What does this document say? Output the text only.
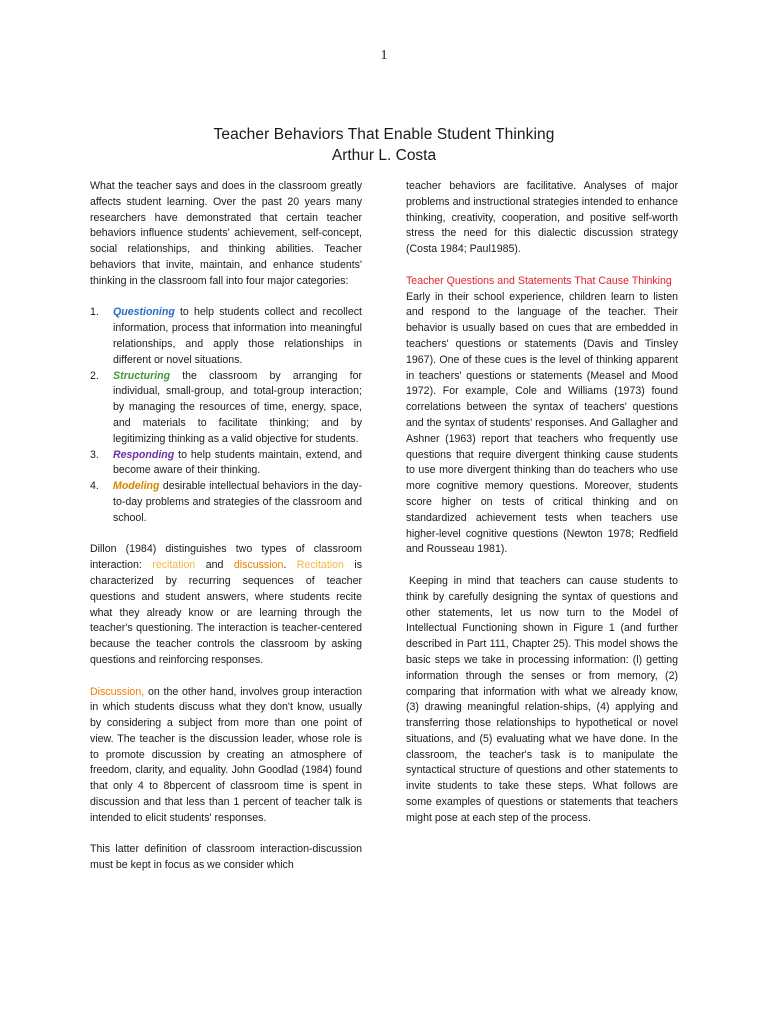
1
Teacher Behaviors That Enable Student Thinking
Arthur L. Costa

What the teacher says and does in the classroom greatly affects student learning. Over the past 20 years many researchers have demonstrated that certain teacher behaviors influence students' achievement, self-concept, social relationships, and thinking abilities. Teacher behaviors that invite, maintain, and enhance students' thinking in the classroom fall into four major categories:

1. Questioning to help students collect and recollect information, process that information into meaningful relationships, and apply those relationships in different or novel situations.
2. Structuring the classroom by arranging for individual, small-group, and total-group interaction; by managing the resources of time, energy, space, and materials to facilitate thinking; and by legitimizing thinking as a valid objective for students.
3. Responding to help students maintain, extend, and become aware of their thinking.
4. Modeling desirable intellectual behaviors in the day-to-day problems and strategies of the classroom and school.

Dillon (1984) distinguishes two types of classroom interaction: recitation and discussion. Recitation is characterized by recurring sequences of teacher questions and student answers, where students recite what they already know or are learning through the teacher's questioning. The interaction is teacher-centered because the teacher controls the classroom by asking questions and reinforcing responses.

Discussion, on the other hand, involves group interaction in which students discuss what they don't know, usually by considering a subject from more than one point of view. The teacher is the discussion leader, whose role is to promote discussion by creating an atmosphere of freedom, clarity, and equality. John Goodlad (1984) found that only 4 to 8bpercent of classroom time is spent in discussion and that less than 1 percent of teacher talk is intended to elicit students' responses.

This latter definition of classroom interaction-discussion must be kept in focus as we consider which

teacher behaviors are facilitative. Analyses of major problems and instructional strategies intended to enhance thinking, creativity, cooperation, and positive self-worth stress the need for this dialectic discussion strategy (Costa 1984; Paul1985).

Teacher Questions and Statements That Cause Thinking

Early in their school experience, children learn to listen and respond to the language of the teacher. Their behavior is usually based on cues that are embedded in teachers' questions or statements (Davis and Tinsley 1967). One of these cues is the level of thinking apparent in teachers' questions or statements (Measel and Mood 1972). For example, Cole and Williams (1973) found correlations between the syntax of teachers' questions and the syntax of students' responses. And Gallagher and Ashner (1963) report that teachers who frequently use questions that require divergent thinking cause students to use more divergent thinking than do teachers who use more cognitive memory questions. Moreover, students score higher on tests of critical thinking and on standardized achievement tests when teachers use higher-level cognitive questions (Newton 1978; Redfield and Rousseau 1981).

Keeping in mind that teachers can cause students to think by carefully designing the syntax of questions and other statements, let us now turn to the Model of Intellectual Functioning shown in Figure 1 (and further described in Part 111, Chapter 25). This model shows the basic steps we take in processing information: (l) getting information through the senses or from memory, (2) comparing that information with what we already know, (3) drawing meaningful relation-ships, (4) applying and transferring those relationships to hypothetical or novel situations, and (5) evaluating what we have done. In the classroom, the teacher's task is to manipulate the syntactical structure of questions and other statements to invite students to take these steps. What follows are some examples of questions or statements that teachers might pose at each step of the process.
